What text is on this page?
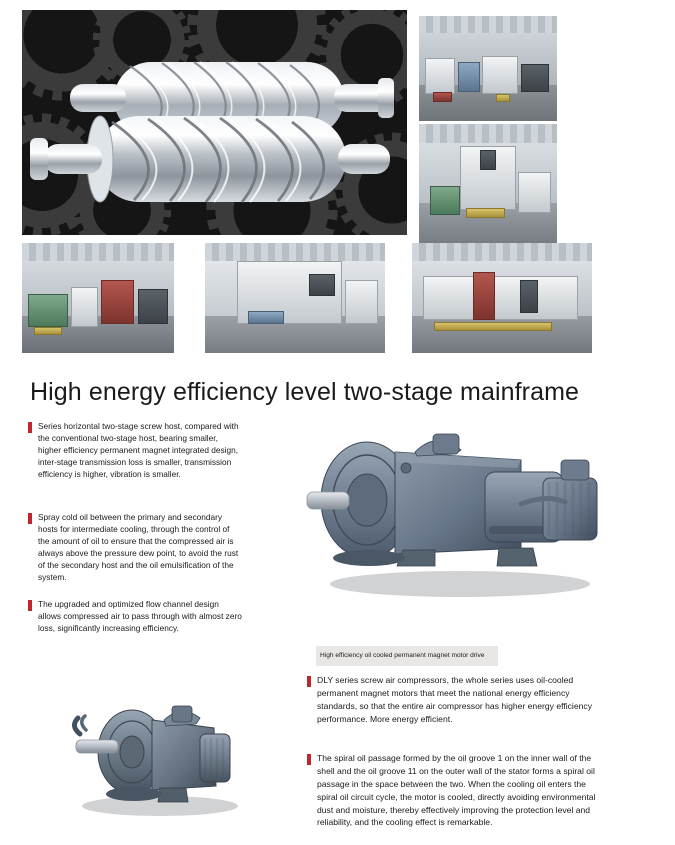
High energy efficiency level two-stage mainframe
Series horizontal two-stage screw host, compared with the conventional two-stage host, bearing smaller, higher efficiency permanent magnet integrated design, inter-stage transmission loss is smaller, transmission efficiency is higher, vibration is smaller.
Spray cold oil between the primary and secondary hosts for intermediate cooling, through the control of the amount of oil to ensure that the compressed air is always above the pressure dew point, to avoid the rust of the secondary host and the oil emulsification of the system.
The upgraded and optimized flow channel design allows compressed air to pass through with almost zero loss, significantly increasing efficiency.
High efficiency oil cooled permanent magnet motor drive
DLY series screw air compressors, the whole series uses oil-cooled permanent magnet motors that meet the national energy efficiency standards, so that the entire air compressor has higher energy efficiency performance. More energy efficient.
The spiral oil passage formed by the oil groove 1 on the inner wall of the shell and the oil groove 11 on the outer wall of the stator forms a spiral oil passage in the space between the two. When the cooling oil enters the spiral oil circuit cycle, the motor is cooled, directly avoiding environmental dust and moisture, thereby effectively improving the protection level and reliability, and the cooling effect is remarkable.
